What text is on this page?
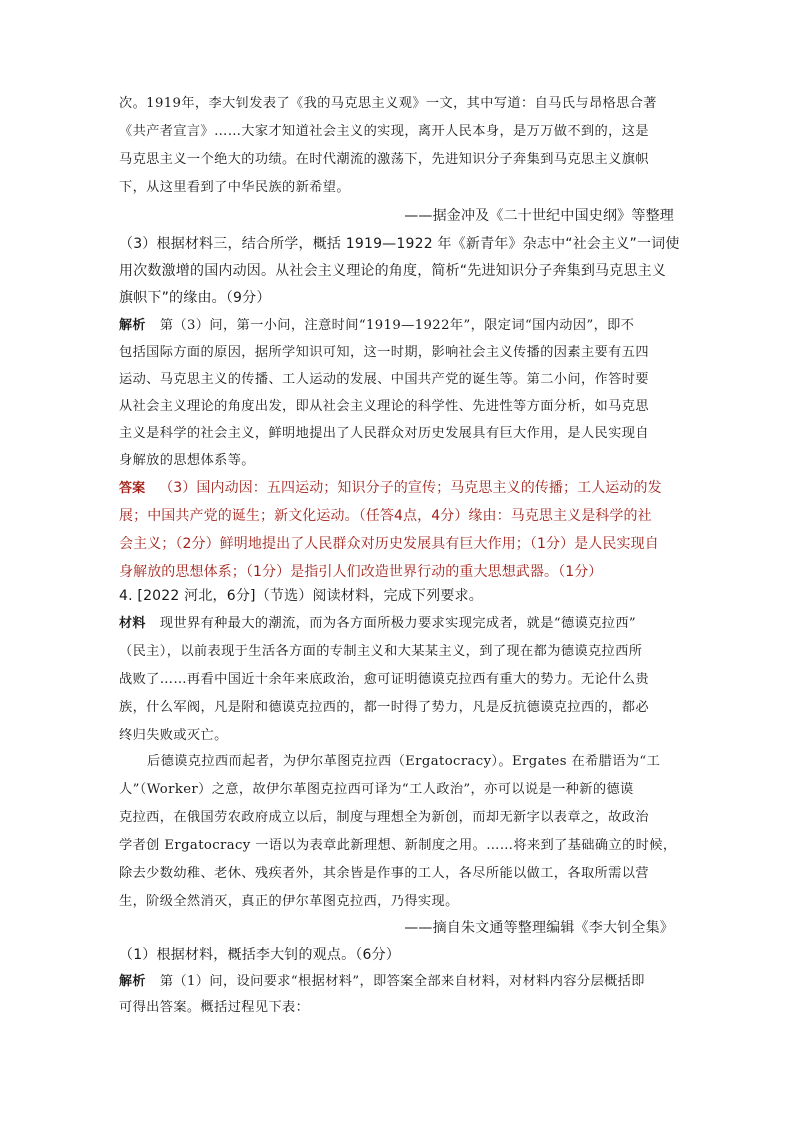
次。1919年，李大钊发表了《我的马克思主义观》一文，其中写道：自马氏与昂格思合著
《共产者宣言》……大家才知道社会主义的实现，离开人民本身，是万万做不到的，这是
马克思主义一个绝大的功绩。在时代潮流的激荡下，先进知识分子奔集到马克思主义旗帜
下，从这里看到了中华民族的新希望。
——据金冲及《二十世纪中国史纲》等整理
（3）根据材料三，结合所学，概括 1919—1922 年《新青年》杂志中“社会主义”一词使
用次数激增的国内动因。从社会主义理论的角度，简析“先进知识分子奔集到马克思主义
旗帜下”的缘由。（9分）
解析 第（3）问，第一小问，注意时间“1919—1922年”，限定词“国内动因”，即不
包括国际方面的原因，据所学知识可知，这一时期，影响社会主义传播的因素主要有五四
运动、马克思主义的传播、工人运动的发展、中国共产党的诞生等。第二小问，作答时要
从社会主义理论的角度出发，即从社会主义理论的科学性、先进性等方面分析，如马克思
主义是科学的社会主义，鲜明地提出了人民群众对历史发展具有巨大作用，是人民实现自
身解放的思想体系等。
答案 （3）国内动因：五四运动；知识分子的宣传；马克思主义的传播；工人运动的发
展；中国共产党的诞生；新文化运动。（任答4点，4分）缘由：马克思主义是科学的社
会主义；（2分）鲜明地提出了人民群众对历史发展具有巨大作用；（1分）是人民实现自
身解放的思想体系；（1分）是指引人们改造世界行动的重大思想武器。（1分）
4. [2022 河北，6分]（节选）阅读材料，完成下列要求。
材料 现世界有种最大的潮流，而为各方面所极力要求实现完成者，就是“德谟克拉西”
（民主），以前表现于生活各方面的专制主义和大某某主义，到了现在都为德谟克拉西所
战败了……再看中国近十余年来底政治，愈可证明德谟克拉西有重大的势力。无论什么贵
族，什么军阀，凡是附和德谟克拉西的，都一时得了势力，凡是反抗德谟克拉西的，都必
终归失败或灭亡。
后德谟克拉西而起者，为伊尔革图克拉西（Ergatocracy）。Ergates 在希腊语为“工
人”（Worker）之意，故伊尔革图克拉西可译为“工人政治”，亦可以说是一种新的德谟
克拉西，在俄国劳农政府成立以后，制度与理想全为新创，而却无新字以表章之，故政治
学者创 Ergatocracy 一语以为表章此新理想、新制度之用。……将来到了基础确立的时候，
除去少数幼稚、老休、残疾者外，其余皆是作事的工人，各尽所能以做工，各取所需以营
生，阶级全然消灭，真正的伊尔革图克拉西，乃得实现。
——摘自朱文通等整理编辑《李大钊全集》
（1）根据材料，概括李大钊的观点。（6分）
解析 第（1）问，设问要求“根据材料”，即答案全部来自材料，对材料内容分层概括即
可得出答案。概括过程见下表：
